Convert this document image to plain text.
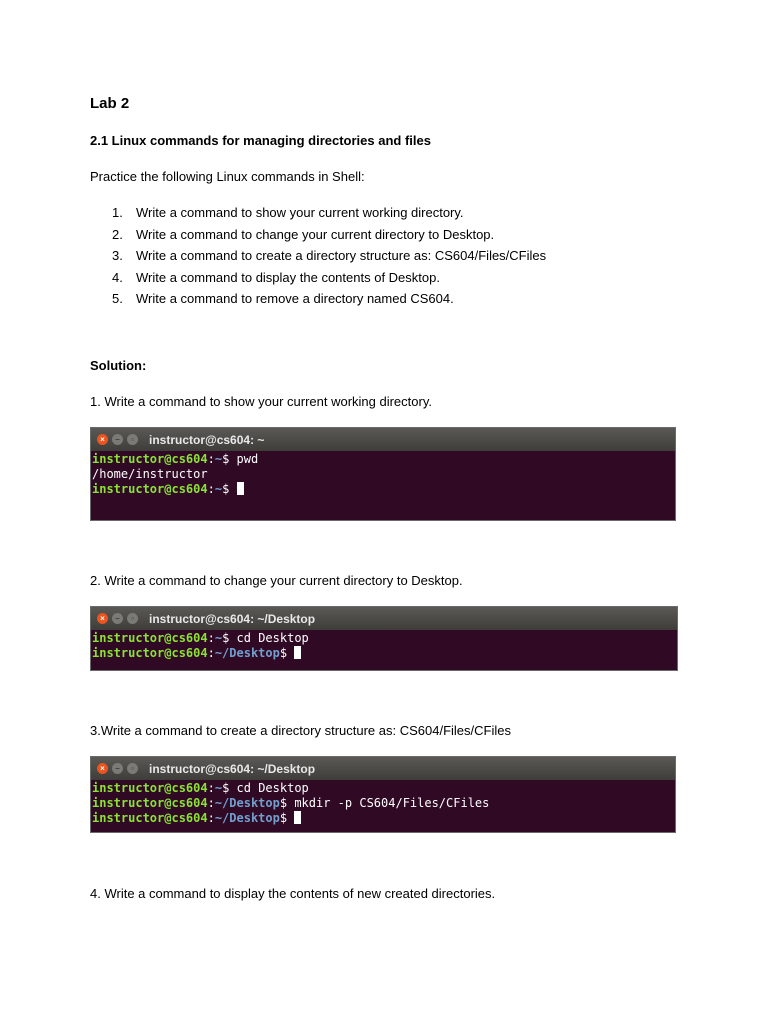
Lab 2
2.1 Linux commands for managing directories and files
Practice the following Linux commands in Shell:
1. Write a command to show your current working directory.
2. Write a command to change your current directory to Desktop.
3. Write a command to create a directory structure as: CS604/Files/CFiles
4. Write a command to display the contents of Desktop.
5. Write a command to remove a directory named CS604.
Solution:
1. Write a command to show your current working directory.
×	–	▫	instructor@cs604: ~
instructor@cs604:~$ pwd
/home/instructor
instructor@cs604:~$
2. Write a command to change your current directory to Desktop.
×	–	▫	instructor@cs604: ~/Desktop
instructor@cs604:~$ cd Desktop
instructor@cs604:~/Desktop$
3.Write a command to create a directory structure as: CS604/Files/CFiles
×	–	▫	instructor@cs604: ~/Desktop
instructor@cs604:~$ cd Desktop
instructor@cs604:~/Desktop$ mkdir -p CS604/Files/CFiles
instructor@cs604:~/Desktop$
4. Write a command to display the contents of new created directories.
